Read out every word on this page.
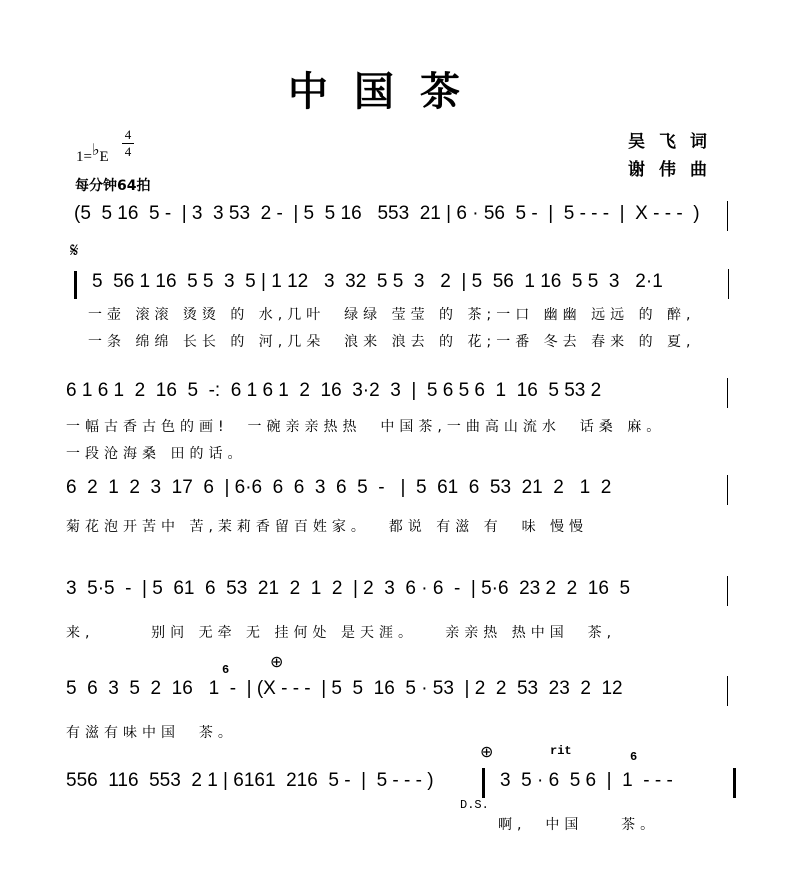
中国茶
1=♭E
4
4
每分钟64拍
吴飞词
谢伟曲
(5  5 16  5 -  | 3  3 53  2 -  | 5  5 16   553  21 | 6 · 56  5 -  |  5 - - -  |  X - - -  )
𝄋
5  56 1 16  5 5  3  5 | 1 12   3  32  5 5  3   2  | 5  56  1 16  5 5  3   2·1
一壶 滚滚 烫烫 的 水,几叶  绿绿 莹莹 的 茶;一口 幽幽 远远 的 醉,
一条 绵绵 长长 的 河,几朵  浪来 浪去 的 花;一番 冬去 春来 的 夏,
6 1 6 1  2  16  5  -:  6 1 6 1  2  16  3·2  3  |  5 6 5 6  1  16  5 53 2
一幅古香古色的画!  一碗亲亲热热  中国茶,一曲高山流水  话桑 麻。
一段沧海桑 田的话。
6  2  1  2  3  17  6  | 6·6  6  6  3  6  5  -   |  5  61  6  53  21  2   1  2
菊花泡开苦中 苦,茉莉香留百姓家。  都说 有滋 有  味 慢慢
3  5·5  -  | 5  61  6  53  21  2  1  2  | 2  3  6 · 6  -  | 5·6  23 2  2  16  5
来,      别问 无牵 无 挂何处 是天涯。   亲亲热 热中国  茶,
⊕
6
5  6  3  5  2  16   1  -  | (X - - -  | 5  5  16  5 · 53  | 2  2  53  23  2  12
有滋有味中国  茶。
⊕	rit	6
556  116  553  2 1 | 6161  216  5 -  |  5 - - - )
D.S.
3  5 · 6  5 6  |  1  - - -
啊,  中国    茶。
